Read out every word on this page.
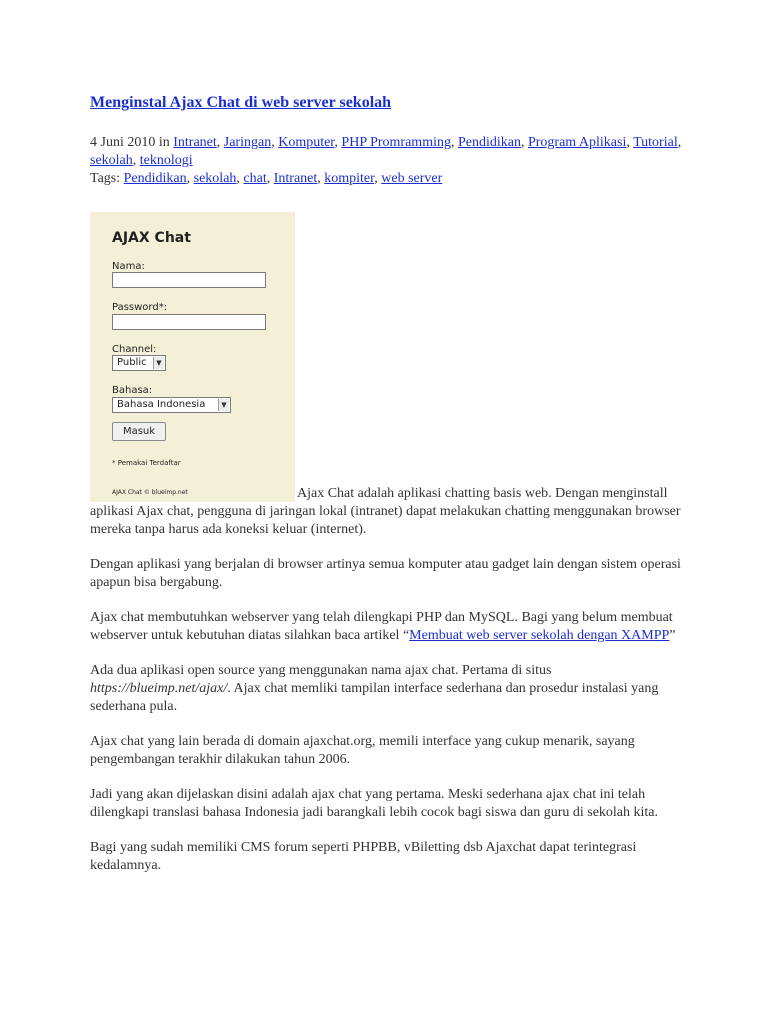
Menginstal Ajax Chat di web server sekolah

4 Juni 2010 in Intranet, Jaringan, Komputer, PHP Promramming, Pendidikan, Program Aplikasi, Tutorial, sekolah, teknologi

Tags: Pendidikan, sekolah, chat, Intranet, kompiter, web server

AJAX Chat
Nama:
Password*:
Channel:
Public	▼
Bahasa:
Bahasa Indonesia	▼
Masuk
* Pemakai Terdaftar
AJAX Chat © blueimp.net	Ajax Chat adalah aplikasi chatting basis web. Dengan menginstall aplikasi Ajax chat, pengguna di jaringan lokal (intranet) dapat melakukan chatting menggunakan browser mereka tanpa harus ada koneksi keluar (internet).

Dengan aplikasi yang berjalan di browser artinya semua komputer atau gadget lain dengan sistem operasi apapun bisa bergabung.

Ajax chat membutuhkan webserver yang telah dilengkapi PHP dan MySQL. Bagi yang belum membuat webserver untuk kebutuhan diatas silahkan baca artikel “Membuat web server sekolah dengan XAMPP”

Ada dua aplikasi open source yang menggunakan nama ajax chat. Pertama di situs https://blueimp.net/ajax/. Ajax chat memliki tampilan interface sederhana dan prosedur instalasi yang sederhana pula.

Ajax chat yang lain berada di domain ajaxchat.org, memili interface yang cukup menarik, sayang pengembangan terakhir dilakukan tahun 2006.

Jadi yang akan dijelaskan disini adalah ajax chat yang pertama. Meski sederhana ajax chat ini telah dilengkapi translasi bahasa Indonesia jadi barangkali lebih cocok bagi siswa dan guru di sekolah kita.

Bagi yang sudah memiliki CMS forum seperti PHPBB, vBiletting dsb Ajaxchat dapat terintegrasi kedalamnya.
